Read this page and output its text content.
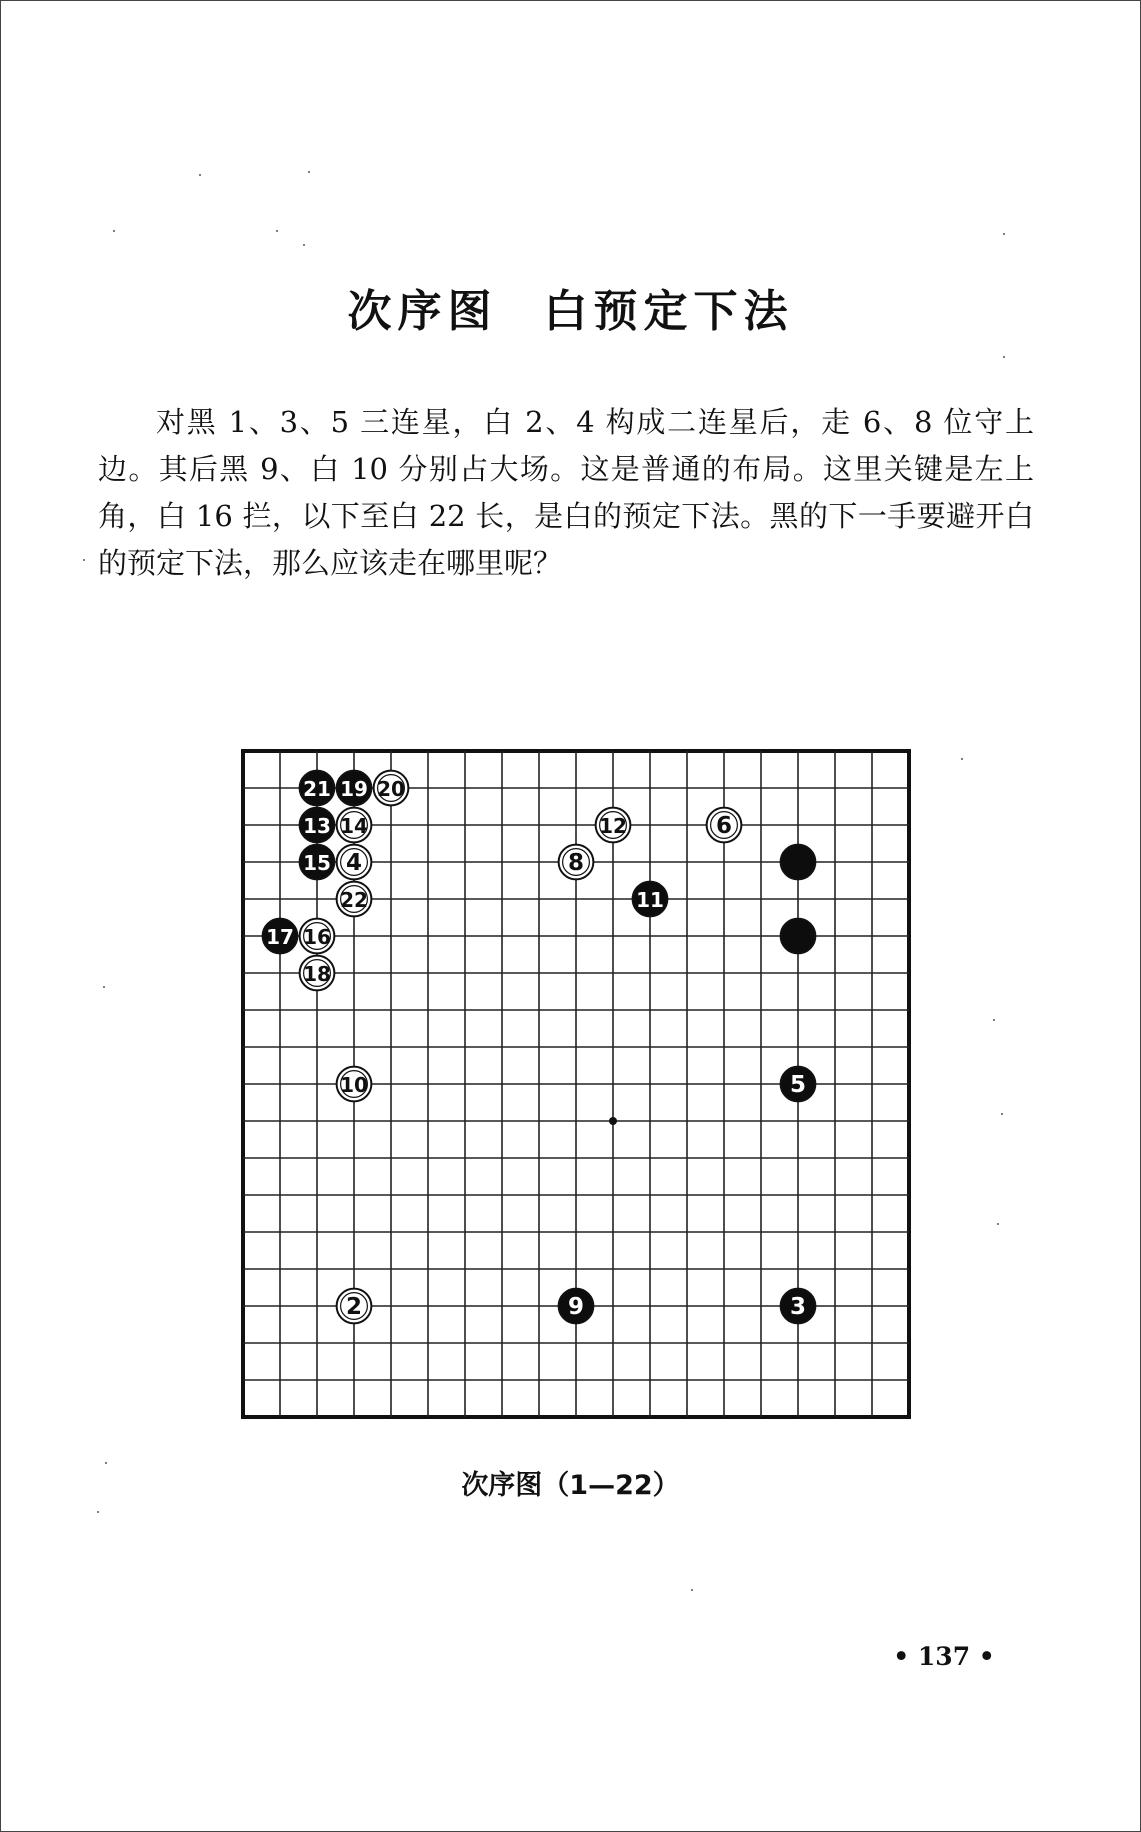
次序图 白预定下法

对黑 1、3、5 三连星，白 2、4 构成二连星后，走 6、8 位守上边。其后黑 9、白 10 分别占大场。这是普通的布局。这里关键是左上角，白 16 拦，以下至白 22 长，是白的预定下法。黑的下一手要避开白的预定下法，那么应该走在哪里呢？

5
3
9
2
10
4
6
8
11
12
13 14
15
16
17
18
19 20
21
22
次序图（1—22）
• 137 •
